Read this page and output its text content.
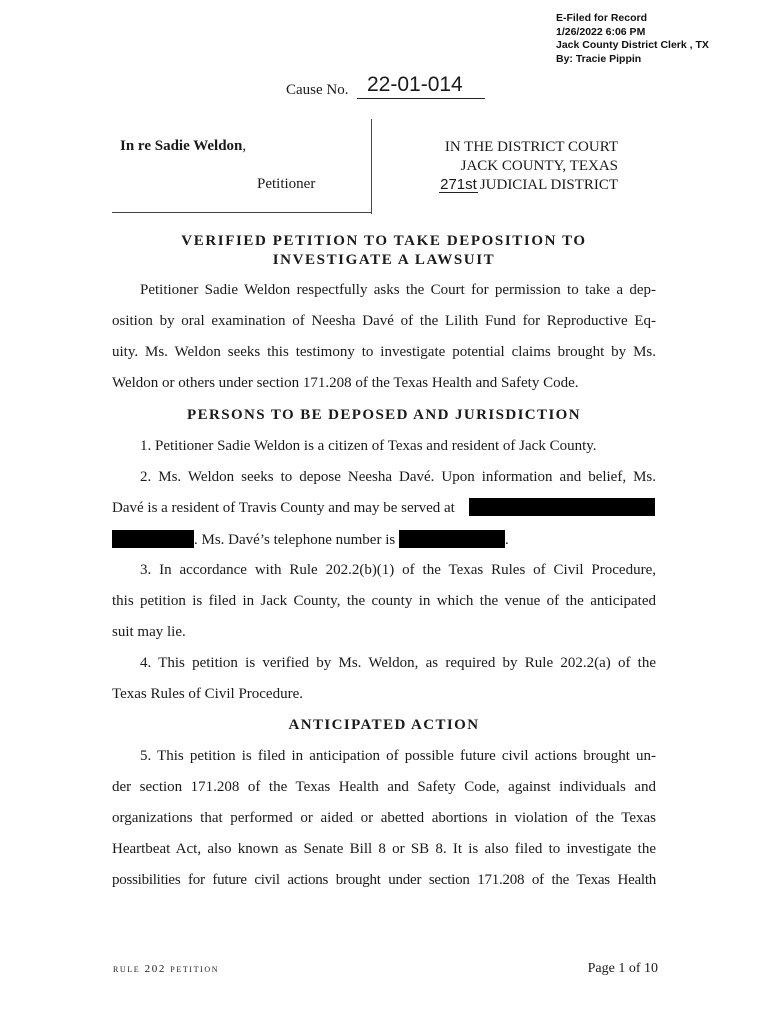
E-Filed for Record
1/26/2022 6:06 PM
Jack County District Clerk , TX
By: Tracie Pippin
Cause No. 22-01-014
In re Sadie Weldon,
Petitioner
IN THE DISTRICT COURT
JACK COUNTY, TEXAS
271st JUDICIAL DISTRICT
VERIFIED PETITION TO TAKE DEPOSITION TO
INVESTIGATE A LAWSUIT
Petitioner Sadie Weldon respectfully asks the Court for permission to take a dep-
osition by oral examination of Neesha Davé of the Lilith Fund for Reproductive Eq-
uity. Ms. Weldon seeks this testimony to investigate potential claims brought by Ms.
Weldon or others under section 171.208 of the Texas Health and Safety Code.
PERSONS TO BE DEPOSED AND JURISDICTION
1. Petitioner Sadie Weldon is a citizen of Texas and resident of Jack County.
2. Ms. Weldon seeks to depose Neesha Davé. Upon information and belief, Ms.
Davé is a resident of Travis County and may be served at
. Ms. Davé’s telephone number is	.
3. In accordance with Rule 202.2(b)(1) of the Texas Rules of Civil Procedure,
this petition is filed in Jack County, the county in which the venue of the anticipated
suit may lie.
4. This petition is verified by Ms. Weldon, as required by Rule 202.2(a) of the
Texas Rules of Civil Procedure.
ANTICIPATED ACTION
5. This petition is filed in anticipation of possible future civil actions brought un-
der section 171.208 of the Texas Health and Safety Code, against individuals and
organizations that performed or aided or abetted abortions in violation of the Texas
Heartbeat Act, also known as Senate Bill 8 or SB 8. It is also filed to investigate the
possibilities for future civil actions brought under section 171.208 of the Texas Health
rule 202 petition	Page 1 of 10
